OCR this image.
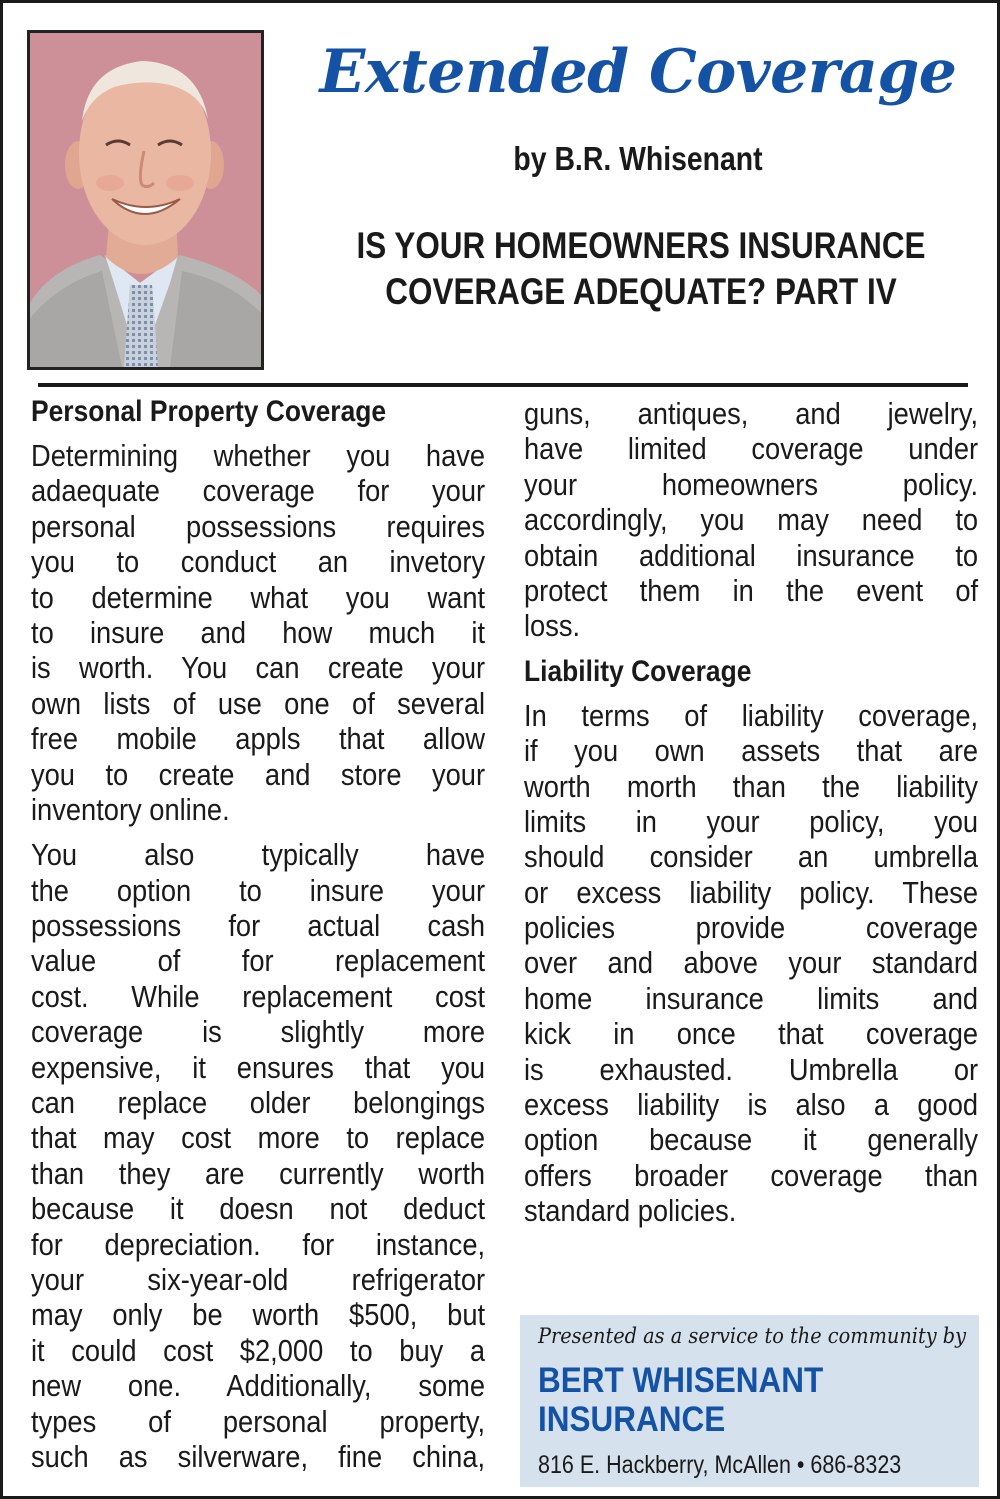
Extended Coverage
by B.R. Whisenant
IS YOUR HOMEOWNERS INSURANCE
COVERAGE ADEQUATE? PART IV
Personal Property Coverage
Determining whether you have
adaequate coverage for your
personal possessions requires
you to conduct an invetory
to determine what you want
to insure and how much it
is worth. You can create your
own lists of use one of several
free mobile appls that allow
you to create and store your
inventory online.
You also typically have
the option to insure your
possessions for actual cash
value of for replacement
cost. While replacement cost
coverage is slightly more
expensive, it ensures that you
can replace older belongings
that may cost more to replace
than they are currently worth
because it doesn not deduct
for depreciation. for instance,
your six-year-old refrigerator
may only be worth $500, but
it could cost $2,000 to buy a
new one. Additionally, some
types of personal property,
such as silverware, fine china,
guns, antiques, and jewelry,
have limited coverage under
your homeowners policy.
accordingly, you may need to
obtain additional insurance to
protect them in the event of
loss.
Liability Coverage
In terms of liability coverage,
if you own assets that are
worth morth than the liability
limits in your policy, you
should consider an umbrella
or excess liability policy. These
policies provide coverage
over and above your standard
home insurance limits and
kick in once that coverage
is exhausted. Umbrella or
excess liability is also a good
option because it generally
offers broader coverage than
standard policies.
Presented as a service to the community by
BERT WHISENANT
INSURANCE
816 E. Hackberry, McAllen • 686-8323
